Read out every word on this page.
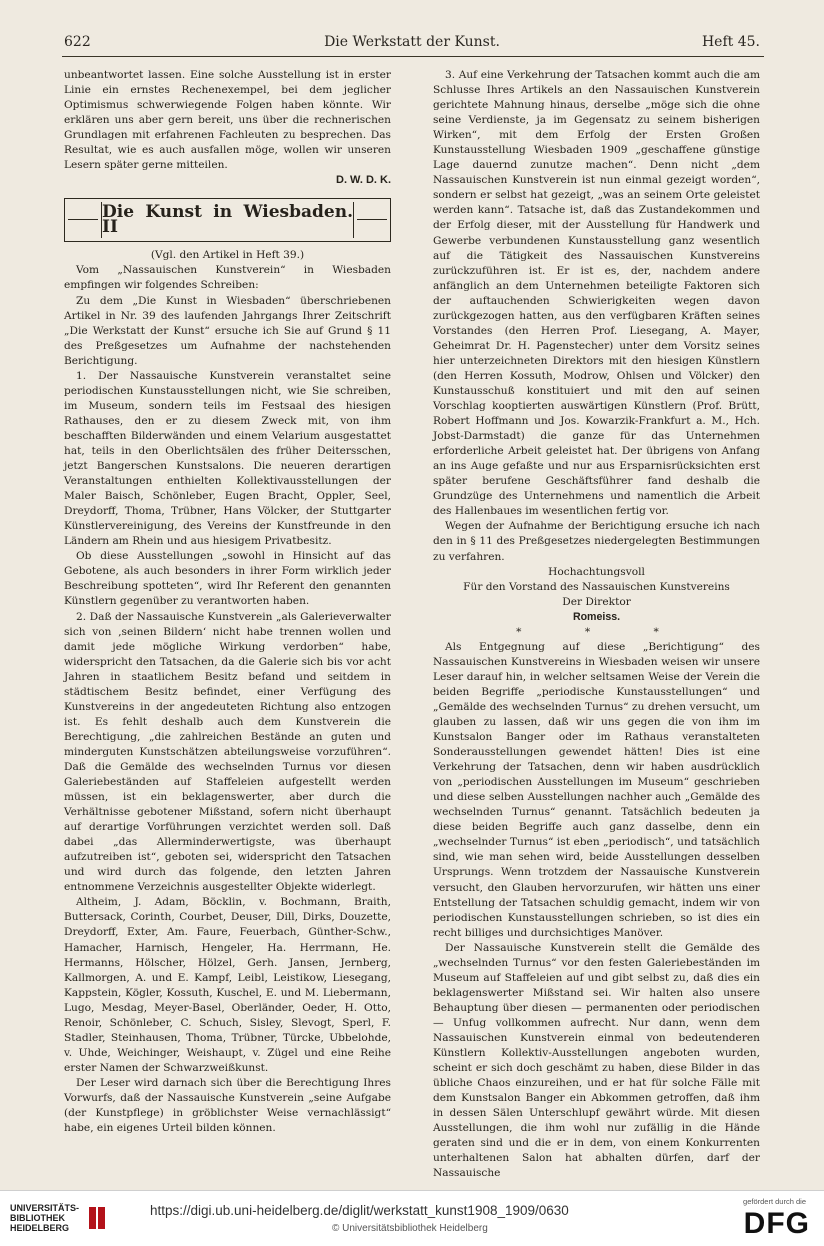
622	Die Werkstatt der Kunst.	Heft 45.

unbeantwortet lassen. Eine solche Ausstellung ist in erster Linie ein ernstes Rechenexempel, bei dem jeglicher Optimismus schwerwiegende Folgen haben könnte. Wir erklären uns aber gern bereit, uns über die rechnerischen Grundlagen mit erfahrenen Fachleuten zu besprechen. Das Resultat, wie es auch ausfallen möge, wollen wir unseren Lesern später gerne mitteilen.

D. W. D. K.

Die Kunst in Wiesbaden. II

(Vgl. den Artikel in Heft 39.)

Vom „Nassauischen Kunstverein“ in Wiesbaden empfingen wir folgendes Schreiben:

Zu dem „Die Kunst in Wiesbaden“ überschriebenen Artikel in Nr. 39 des laufenden Jahrgangs Ihrer Zeitschrift „Die Werkstatt der Kunst“ ersuche ich Sie auf Grund § 11 des Preßgesetzes um Aufnahme der nachstehenden Berichtigung.

1. Der Nassauische Kunstverein veranstaltet seine periodischen Kunstausstellungen nicht, wie Sie schreiben, im Museum, sondern teils im Festsaal des hiesigen Rathauses, den er zu diesem Zweck mit, von ihm beschafften Bilderwänden und einem Velarium ausgestattet hat, teils in den Oberlichtsälen des früher Deitersschen, jetzt Bangerschen Kunstsalons. Die neueren derartigen Veranstaltungen enthielten Kollektivausstellungen der Maler Baisch, Schönleber, Eugen Bracht, Oppler, Seel, Dreydorff, Thoma, Trübner, Hans Völcker, der Stuttgarter Künstlervereinigung, des Vereins der Kunstfreunde in den Ländern am Rhein und aus hiesigem Privatbesitz.

Ob diese Ausstellungen „sowohl in Hinsicht auf das Gebotene, als auch besonders in ihrer Form wirklich jeder Beschreibung spotteten“, wird Ihr Referent den genannten Künstlern gegenüber zu verantworten haben.

2. Daß der Nassauische Kunstverein „als Galerieverwalter sich von ‚seinen Bildern‘ nicht habe trennen wollen und damit jede mögliche Wirkung verdorben“ habe, widerspricht den Tatsachen, da die Galerie sich bis vor acht Jahren in staatlichem Besitz befand und seitdem in städtischem Besitz befindet, einer Verfügung des Kunstvereins in der angedeuteten Richtung also entzogen ist. Es fehlt deshalb auch dem Kunstverein die Berechtigung, „die zahlreichen Bestände an guten und minderguten Kunstschätzen abteilungsweise vorzuführen“. Daß die Gemälde des wechselnden Turnus vor diesen Galeriebeständen auf Staffeleien aufgestellt werden müssen, ist ein beklagenswerter, aber durch die Verhältnisse gebotener Mißstand, sofern nicht überhaupt auf derartige Vorführungen verzichtet werden soll. Daß dabei „das Allerminderwertigste, was überhaupt aufzutreiben ist“, geboten sei, widerspricht den Tatsachen und wird durch das folgende, den letzten Jahren entnommene Verzeichnis ausgestellter Objekte widerlegt.

Altheim, J. Adam, Böcklin, v. Bochmann, Braith, Buttersack, Corinth, Courbet, Deuser, Dill, Dirks, Douzette, Dreydorff, Exter, Am. Faure, Feuerbach, Günther-Schw., Hamacher, Harnisch, Hengeler, Ha. Herrmann, He. Hermanns, Hölscher, Hölzel, Gerh. Jansen, Jernberg, Kallmorgen, A. und E. Kampf, Leibl, Leistikow, Liesegang, Kappstein, Kögler, Kossuth, Kuschel, E. und M. Liebermann, Lugo, Mesdag, Meyer-Basel, Oberländer, Oeder, H. Otto, Renoir, Schönleber, C. Schuch, Sisley, Slevogt, Sperl, F. Stadler, Steinhausen, Thoma, Trübner, Türcke, Ubbelohde, v. Uhde, Weichinger, Weishaupt, v. Zügel und eine Reihe erster Namen der Schwarzweißkunst.

Der Leser wird darnach sich über die Berechtigung Ihres Vorwurfs, daß der Nassauische Kunstverein „seine Aufgabe (der Kunstpflege) in gröblichster Weise vernachlässigt“ habe, ein eigenes Urteil bilden können.

3. Auf eine Verkehrung der Tatsachen kommt auch die am Schlusse Ihres Artikels an den Nassauischen Kunstverein gerichtete Mahnung hinaus, derselbe „möge sich die ohne seine Verdienste, ja im Gegensatz zu seinem bisherigen Wirken“, mit dem Erfolg der Ersten Großen Kunstausstellung Wiesbaden 1909 „geschaffene günstige Lage dauernd zunutze machen“. Denn nicht „dem Nassauischen Kunstverein ist nun einmal gezeigt worden“, sondern er selbst hat gezeigt, „was an seinem Orte geleistet werden kann“. Tatsache ist, daß das Zustandekommen und der Erfolg dieser, mit der Ausstellung für Handwerk und Gewerbe verbundenen Kunstausstellung ganz wesentlich auf die Tätigkeit des Nassauischen Kunstvereins zurückzuführen ist. Er ist es, der, nachdem andere anfänglich an dem Unternehmen beteiligte Faktoren sich der auftauchenden Schwierigkeiten wegen davon zurückgezogen hatten, aus den verfügbaren Kräften seines Vorstandes (den Herren Prof. Liesegang, A. Mayer, Geheimrat Dr. H. Pagenstecher) unter dem Vorsitz seines hier unterzeichneten Direktors mit den hiesigen Künstlern (den Herren Kossuth, Modrow, Ohlsen und Völcker) den Kunstausschuß konstituiert und mit den auf seinen Vorschlag kooptierten auswärtigen Künstlern (Prof. Brütt, Robert Hoffmann und Jos. Kowarzik-Frankfurt a. M., Hch. Jobst-Darmstadt) die ganze für das Unternehmen erforderliche Arbeit geleistet hat. Der übrigens von Anfang an ins Auge gefaßte und nur aus Ersparnisrücksichten erst später berufene Geschäftsführer fand deshalb die Grundzüge des Unternehmens und namentlich die Arbeit des Hallenbaues im wesentlichen fertig vor.

Wegen der Aufnahme der Berichtigung ersuche ich nach den in § 11 des Preßgesetzes niedergelegten Bestimmungen zu verfahren.

Hochachtungsvoll

Für den Vorstand des Nassauischen Kunstvereins

Der Direktor

Romeiss.

* * *

Als Entgegnung auf diese „Berichtigung“ des Nassauischen Kunstvereins in Wiesbaden weisen wir unsere Leser darauf hin, in welcher seltsamen Weise der Verein die beiden Begriffe „periodische Kunstausstellungen“ und „Gemälde des wechselnden Turnus“ zu drehen versucht, um glauben zu lassen, daß wir uns gegen die von ihm im Kunstsalon Banger oder im Rathaus veranstalteten Sonderausstellungen gewendet hätten! Dies ist eine Verkehrung der Tatsachen, denn wir haben ausdrücklich von „periodischen Ausstellungen im Museum“ geschrieben und diese selben Ausstellungen nachher auch „Gemälde des wechselnden Turnus“ genannt. Tatsächlich bedeuten ja diese beiden Begriffe auch ganz dasselbe, denn ein „wechselnder Turnus“ ist eben „periodisch“, und tatsächlich sind, wie man sehen wird, beide Ausstellungen desselben Ursprungs. Wenn trotzdem der Nassauische Kunstverein versucht, den Glauben hervorzurufen, wir hätten uns einer Entstellung der Tatsachen schuldig gemacht, indem wir von periodischen Kunstausstellungen schrieben, so ist dies ein recht billiges und durchsichtiges Manöver.

Der Nassauische Kunstverein stellt die Gemälde des „wechselnden Turnus“ vor den festen Galeriebeständen im Museum auf Staffeleien auf und gibt selbst zu, daß dies ein beklagenswerter Mißstand sei. Wir halten also unsere Behauptung über diesen — permanenten oder periodischen — Unfug vollkommen aufrecht. Nur dann, wenn dem Nassauischen Kunstverein einmal von bedeutenderen Künstlern Kollektiv-Ausstellungen angeboten wurden, scheint er sich doch geschämt zu haben, diese Bilder in das übliche Chaos einzureihen, und er hat für solche Fälle mit dem Kunstsalon Banger ein Abkommen getroffen, daß ihm in dessen Sälen Unterschlupf gewährt würde. Mit diesen Ausstellungen, die ihm wohl nur zufällig in die Hände geraten sind und die er in dem, von einem Konkurrenten unterhaltenen Salon hat abhalten dürfen, darf der Nassauische

UNIVERSITÄTS-
BIBLIOTHEK
HEIDELBERG
https://digi.ub.uni-heidelberg.de/diglit/werkstatt_kunst1908_1909/0630
© Universitätsbibliothek Heidelberg
gefördert durch die
DFG
